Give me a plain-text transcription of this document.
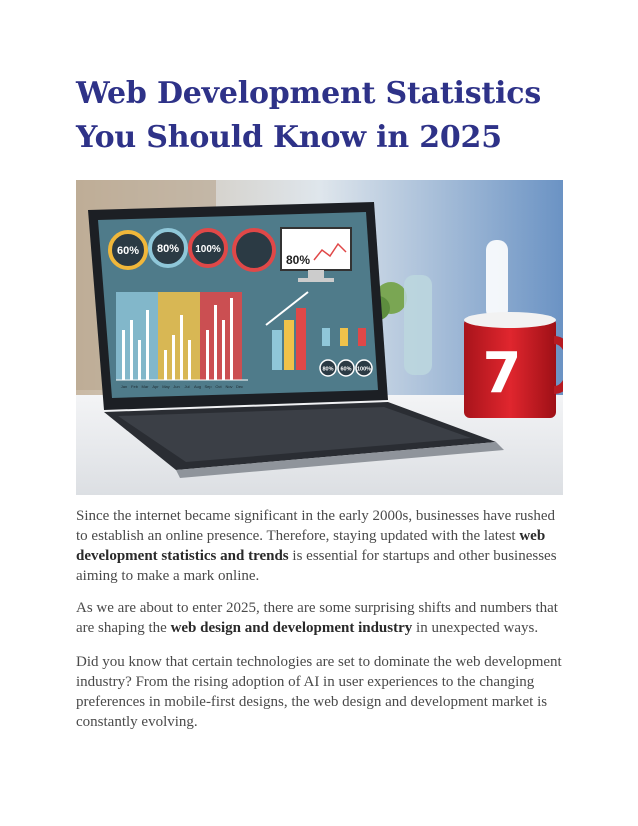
Web Development Statistics You Should Know in 2025
60% 80% 100%
80%
7
80% 60% 100%
Jan Feb Mar Apr May Jun Jul Aug Sep Oct Nov Dec

Since the internet became significant in the early 2000s, businesses have rushed to establish an online presence. Therefore, staying updated with the latest web development statistics and trends is essential for startups and other businesses aiming to make a mark online.

As we are about to enter 2025, there are some surprising shifts and numbers that are shaping the web design and development industry in unexpected ways.

Did you know that certain technologies are set to dominate the web development industry? From the rising adoption of AI in user experiences to the changing preferences in mobile-first designs, the web design and development market is constantly evolving.
